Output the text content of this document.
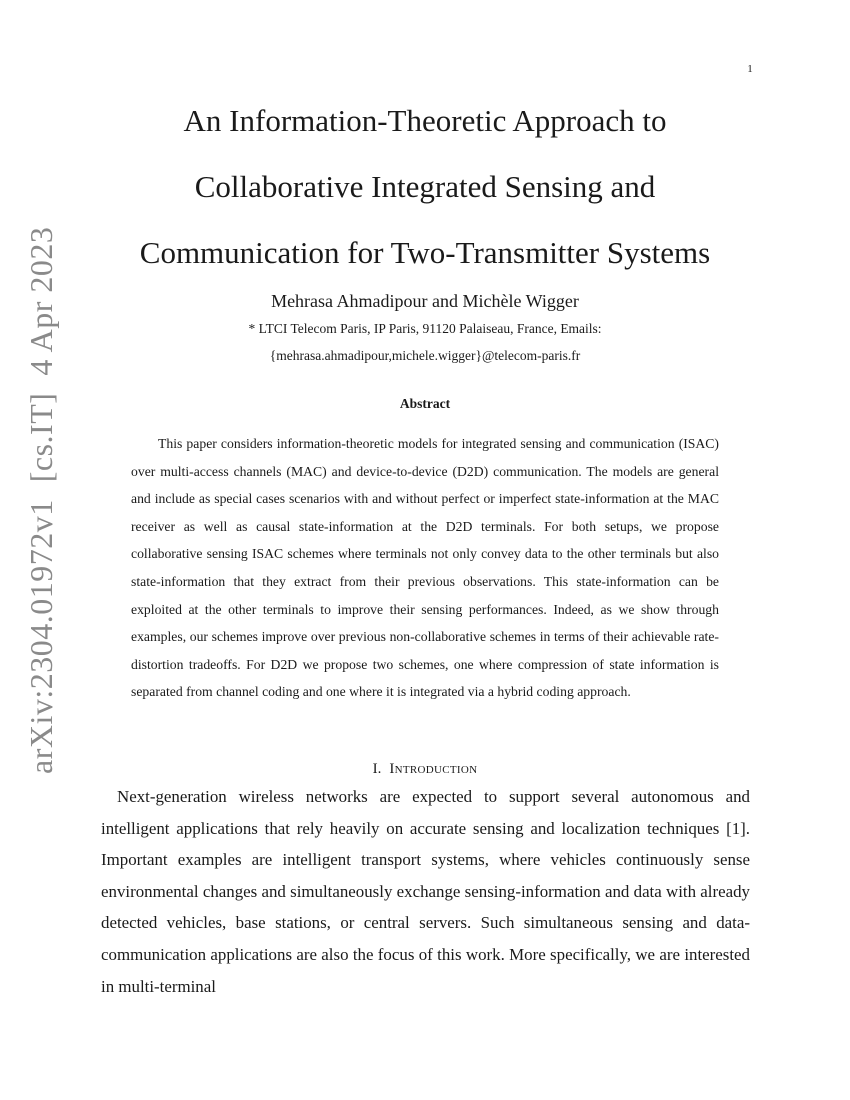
1
arXiv:2304.01972v1  [cs.IT]  4 Apr 2023
An Information-Theoretic Approach to
Collaborative Integrated Sensing and
Communication for Two-Transmitter Systems
Mehrasa Ahmadipour and Michèle Wigger
* LTCI Telecom Paris, IP Paris, 91120 Palaiseau, France, Emails:
{mehrasa.ahmadipour,michele.wigger}@telecom-paris.fr
Abstract

This paper considers information-theoretic models for integrated sensing and communication (ISAC) over multi-access channels (MAC) and device-to-device (D2D) communication. The models are general and include as special cases scenarios with and without perfect or imperfect state-information at the MAC receiver as well as causal state-information at the D2D terminals. For both setups, we propose collaborative sensing ISAC schemes where terminals not only convey data to the other terminals but also state-information that they extract from their previous observations. This state-information can be exploited at the other terminals to improve their sensing performances. Indeed, as we show through examples, our schemes improve over previous non-collaborative schemes in terms of their achievable rate-distortion tradeoffs. For D2D we propose two schemes, one where compression of state information is separated from channel coding and one where it is integrated via a hybrid coding approach.

I. Introduction

Next-generation wireless networks are expected to support several autonomous and intelligent applications that rely heavily on accurate sensing and localization techniques [1]. Important examples are intelligent transport systems, where vehicles continuously sense environmental changes and simultaneously exchange sensing-information and data with already detected vehicles, base stations, or central servers. Such simultaneous sensing and data-communication applications are also the focus of this work. More specifically, we are interested in multi-terminal
